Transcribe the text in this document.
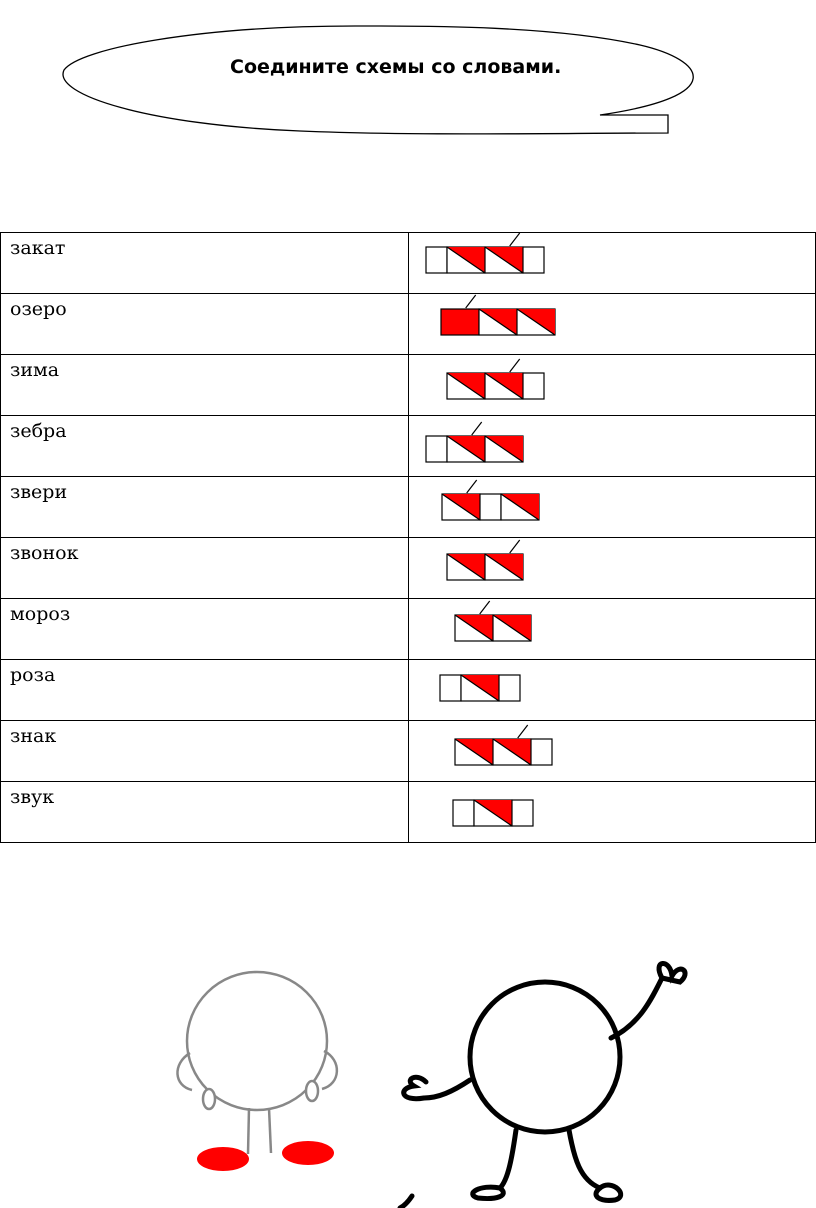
Соедините схемы со словами.
закат

озеро

зима

зебра

звери

звонок

мороз

роза

знак

звук
